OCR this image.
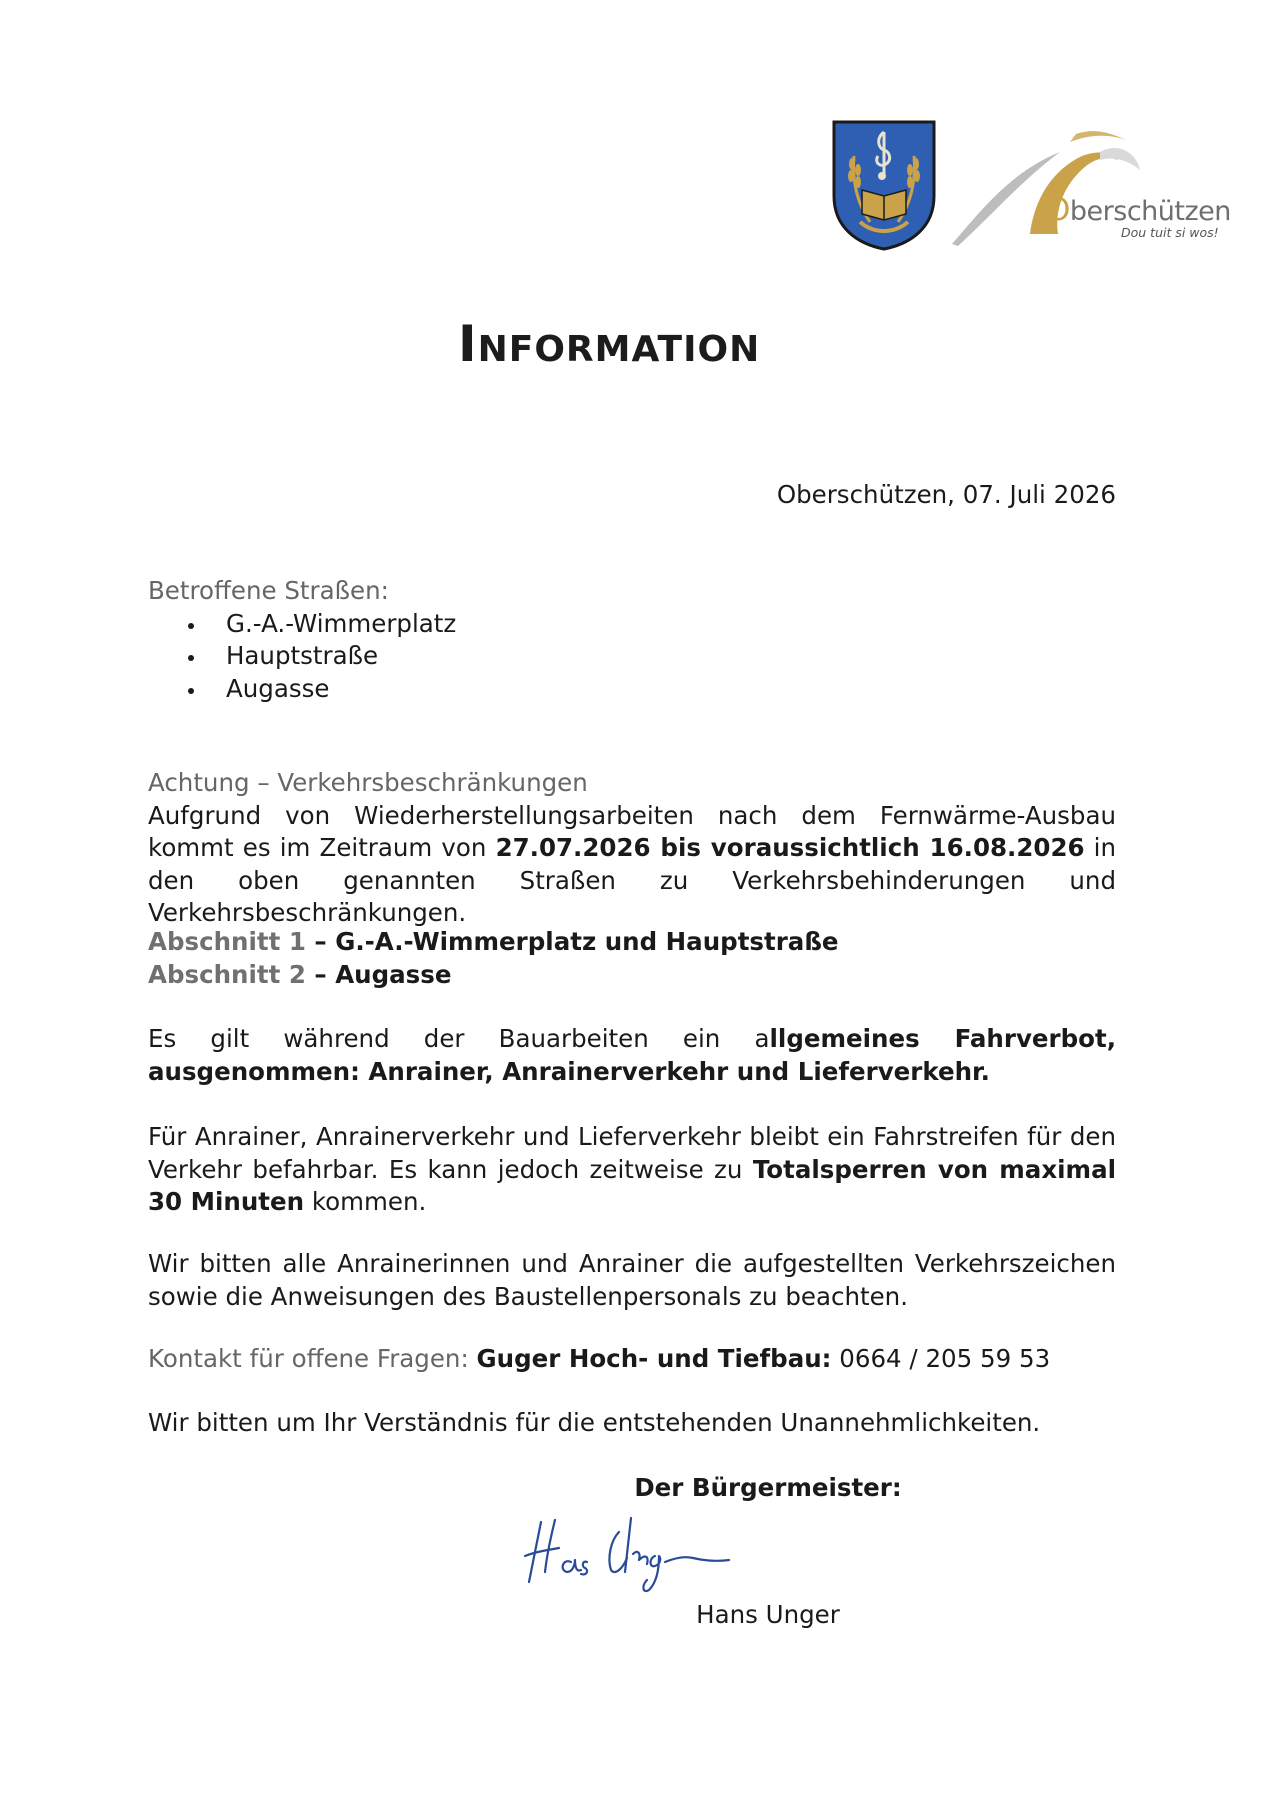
Oberschützen
Dou tuit si wos!
INFORMATION
Oberschützen, 07. Juli 2026
Betroffene Straßen:
G.-A.-Wimmerplatz
Hauptstraße
Augasse
Achtung – Verkehrsbeschränkungen
Aufgrund von Wiederherstellungsarbeiten nach dem Fernwärme-Ausbau kommt es im Zeitraum von 27.07.2026 bis voraussichtlich 16.08.2026 in den oben genannten Straßen zu Verkehrsbehinderungen und Verkehrsbeschränkungen.
Abschnitt 1 – G.-A.-Wimmerplatz und Hauptstraße
Abschnitt 2 – Augasse
Es gilt während der Bauarbeiten ein allgemeines Fahrverbot, ausgenommen: Anrainer, Anrainerverkehr und Lieferverkehr.
Für Anrainer, Anrainerverkehr und Lieferverkehr bleibt ein Fahrstreifen für den Verkehr befahrbar. Es kann jedoch zeitweise zu Totalsperren von maximal 30 Minuten kommen.
Wir bitten alle Anrainerinnen und Anrainer die aufgestellten Verkehrszeichen sowie die Anweisungen des Baustellenpersonals zu beachten.
Kontakt für offene Fragen: Guger Hoch- und Tiefbau: 0664 / 205 59 53
Wir bitten um Ihr Verständnis für die entstehenden Unannehmlichkeiten.
Der Bürgermeister:
Hans Unger
